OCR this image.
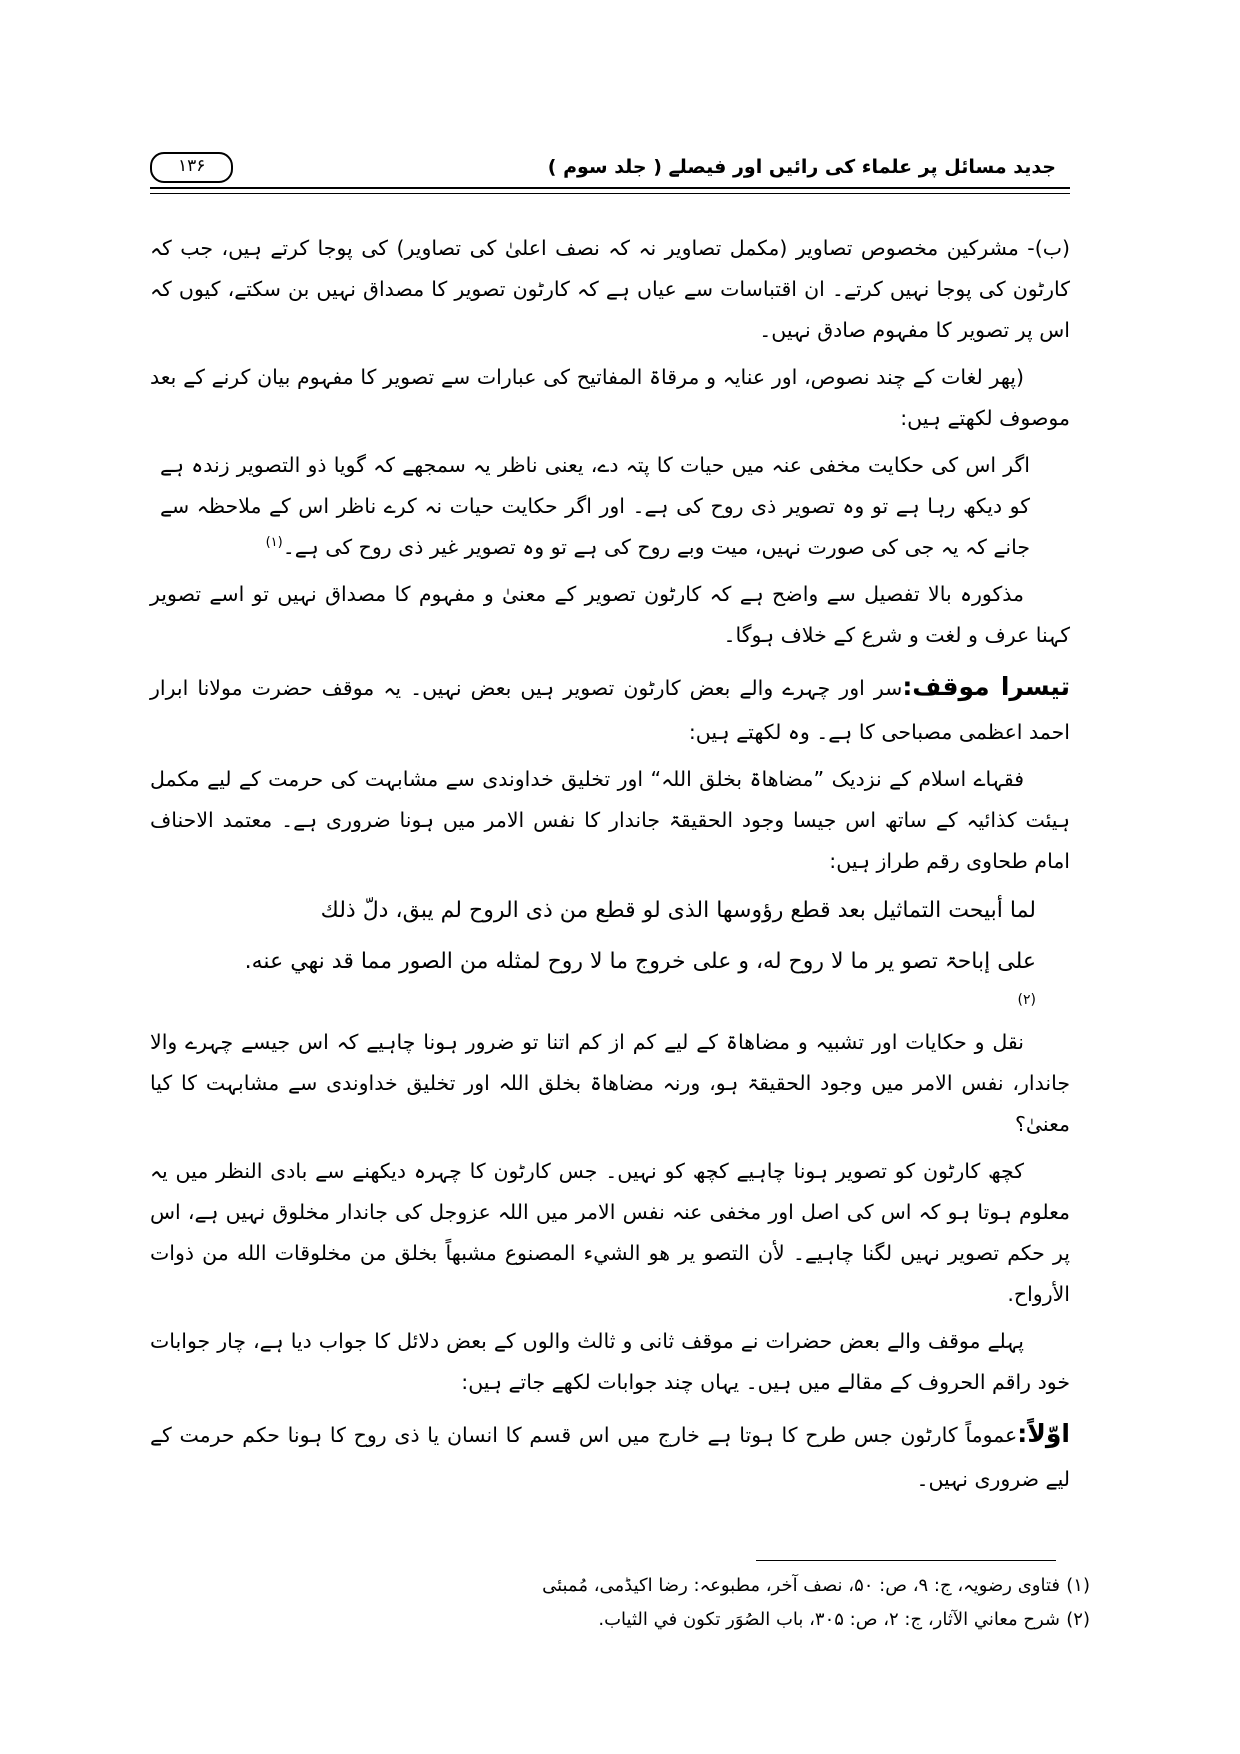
جدید مسائل پر علماء کی رائیں اور فیصلے ( جلد سوم )
۱۳۶

(ب)- مشرکین مخصوص تصاویر (مکمل تصاویر نہ کہ نصف اعلیٰ کی تصاویر) کی پوجا کرتے ہیں، جب کہ کارٹون کی پوجا نہیں کرتے۔ ان اقتباسات سے عیاں ہے کہ کارٹون تصویر کا مصداق نہیں بن سکتے، کیوں کہ اس پر تصویر کا مفہوم صادق نہیں۔

(پھر لغات کے چند نصوص، اور عنایہ و مرقاۃ المفاتیح کی عبارات سے تصویر کا مفہوم بیان کرنے کے بعد موصوف لکھتے ہیں:

اگر اس کی حکایت مخفی عنہ میں حیات کا پتہ دے، یعنی ناظر یہ سمجھے کہ گویا ذو التصویر زندہ ہے کو دیکھ رہا ہے تو وہ تصویر ذی روح کی ہے۔ اور اگر حکایت حیات نہ کرے ناظر اس کے ملاحظہ سے جانے کہ یہ جی کی صورت نہیں، میت وبے روح کی ہے تو وہ تصویر غیر ذی روح کی ہے۔$^{(۱)}$

مذکورہ بالا تفصیل سے واضح ہے کہ کارٹون تصویر کے معنیٰ و مفہوم کا مصداق نہیں تو اسے تصویر کہنا عرف و لغت و شرع کے خلاف ہوگا۔

تیسرا موقف:سر اور چہرے والے بعض کارٹون تصویر ہیں بعض نہیں۔ یہ موقف حضرت مولانا ابرار احمد اعظمی مصباحی کا ہے۔ وہ لکھتے ہیں:

فقہاے اسلام کے نزدیک ”مضاھاۃ بخلق اللہ“ اور تخلیق خداوندی سے مشابہت کی حرمت کے لیے مکمل ہیئت کذائیہ کے ساتھ اس جیسا وجود الحقیقۃ جاندار کا نفس الامر میں ہونا ضروری ہے۔ معتمد الاحناف امام طحاوی رقم طراز ہیں:

لما أبیحت التماثیل بعد قطع رؤوسها الذی لو قطع من ذی الروح لم یبق، دلّ ذلك

علی إباحۃ تصو یر ما لا روح له، و علی خروج ما لا روح لمثله من الصور مما قد نهي عنه.

(۲)

نقل و حکایات اور تشبیہ و مضاھاۃ کے لیے کم از کم اتنا تو ضرور ہونا چاہیے کہ اس جیسے چہرے والا جاندار، نفس الامر میں وجود الحقیقۃ ہو، ورنہ مضاھاۃ بخلق اللہ اور تخلیق خداوندی سے مشابہت کا کیا معنیٰ؟

کچھ کارٹون کو تصویر ہونا چاہیے کچھ کو نہیں۔ جس کارٹون کا چہرہ دیکھنے سے بادی النظر میں یہ معلوم ہوتا ہو کہ اس کی اصل اور مخفی عنہ نفس الامر میں اللہ عزوجل کی جاندار مخلوق نہیں ہے، اس پر حکم تصویر نہیں لگنا چاہیے۔ لأن التصو یر هو الشيء المصنوع مشبهاً بخلق من مخلوقات الله من ذوات الأرواح.

پہلے موقف والے بعض حضرات نے موقف ثانی و ثالث والوں کے بعض دلائل کا جواب دیا ہے، چار جوابات خود راقم الحروف کے مقالے میں ہیں۔ یہاں چند جوابات لکھے جاتے ہیں:

اوّلاً:عموماً کارٹون جس طرح کا ہوتا ہے خارج میں اس قسم کا انسان یا ذی روح کا ہونا حکم حرمت کے لیے ضروری نہیں۔

(۱)فتاوی رضویہ، ج: ۹، ص: ۵۰، نصف آخر، مطبوعہ: رضا اکیڈمی، مُمبئی
(۲)شرح معاني الآثار، ج: ۲، ص: ۳۰۵، باب الصُوَر تكون في الثياب.
